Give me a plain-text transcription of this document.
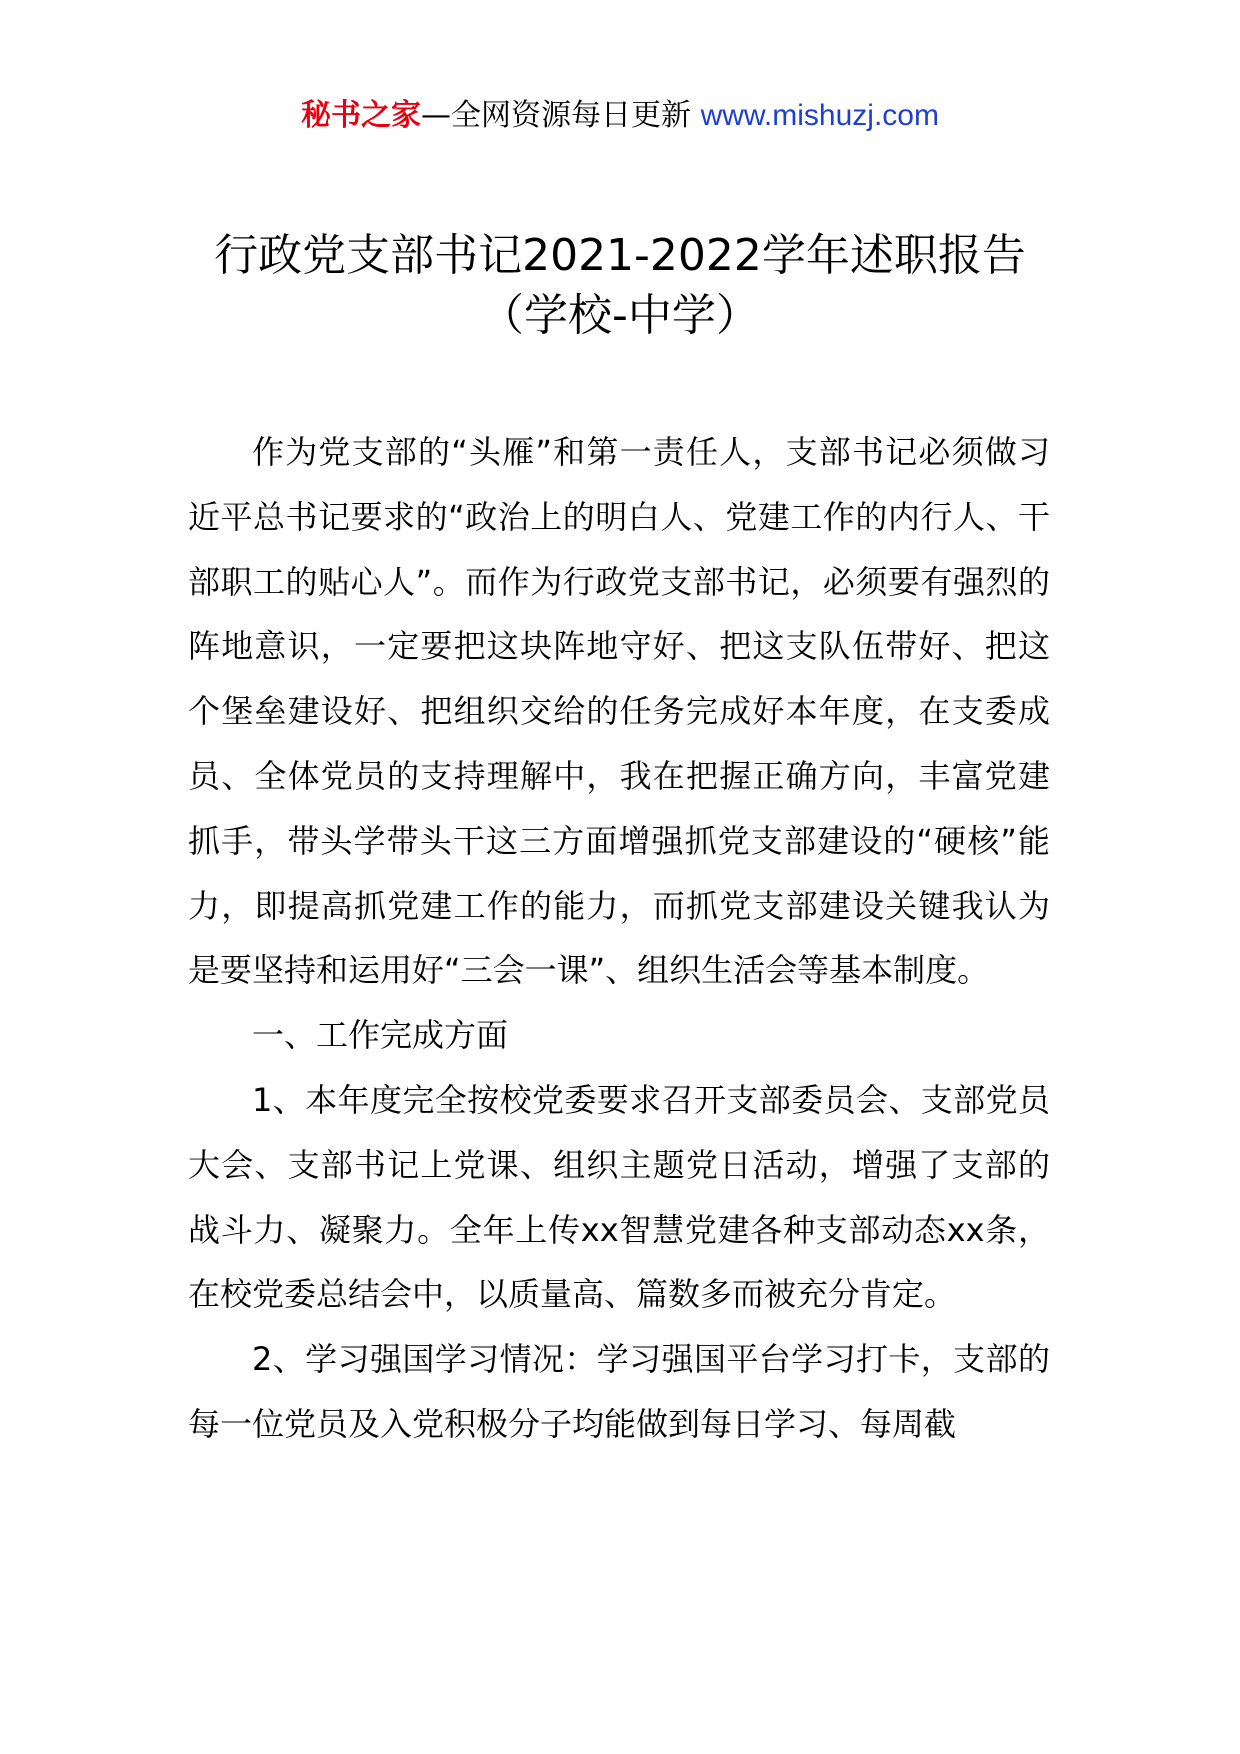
秘书之家—全网资源每日更新 www.mishuzj.com
行政党支部书记2021-2022学年述职报告
（学校-中学）

作为党支部的“头雁”和第一责任人，支部书记必须做习近平总书记要求的“政治上的明白人、党建工作的内行人、干部职工的贴心人”。而作为行政党支部书记，必须要有强烈的阵地意识，一定要把这块阵地守好、把这支队伍带好、把这个堡垒建设好、把组织交给的任务完成好本年度，在支委成员、全体党员的支持理解中，我在把握正确方向，丰富党建抓手，带头学带头干这三方面增强抓党支部建设的“硬核”能力，即提高抓党建工作的能力，而抓党支部建设关键我认为是要坚持和运用好“三会一课”、组织生活会等基本制度。

一、工作完成方面

1、本年度完全按校党委要求召开支部委员会、支部党员大会、支部书记上党课、组织主题党日活动，增强了支部的战斗力、凝聚力。全年上传xx智慧党建各种支部动态xx条，在校党委总结会中，以质量高、篇数多而被充分肯定。

2、学习强国学习情况：学习强国平台学习打卡，支部的每一位党员及入党积极分子均能做到每日学习、每周截
